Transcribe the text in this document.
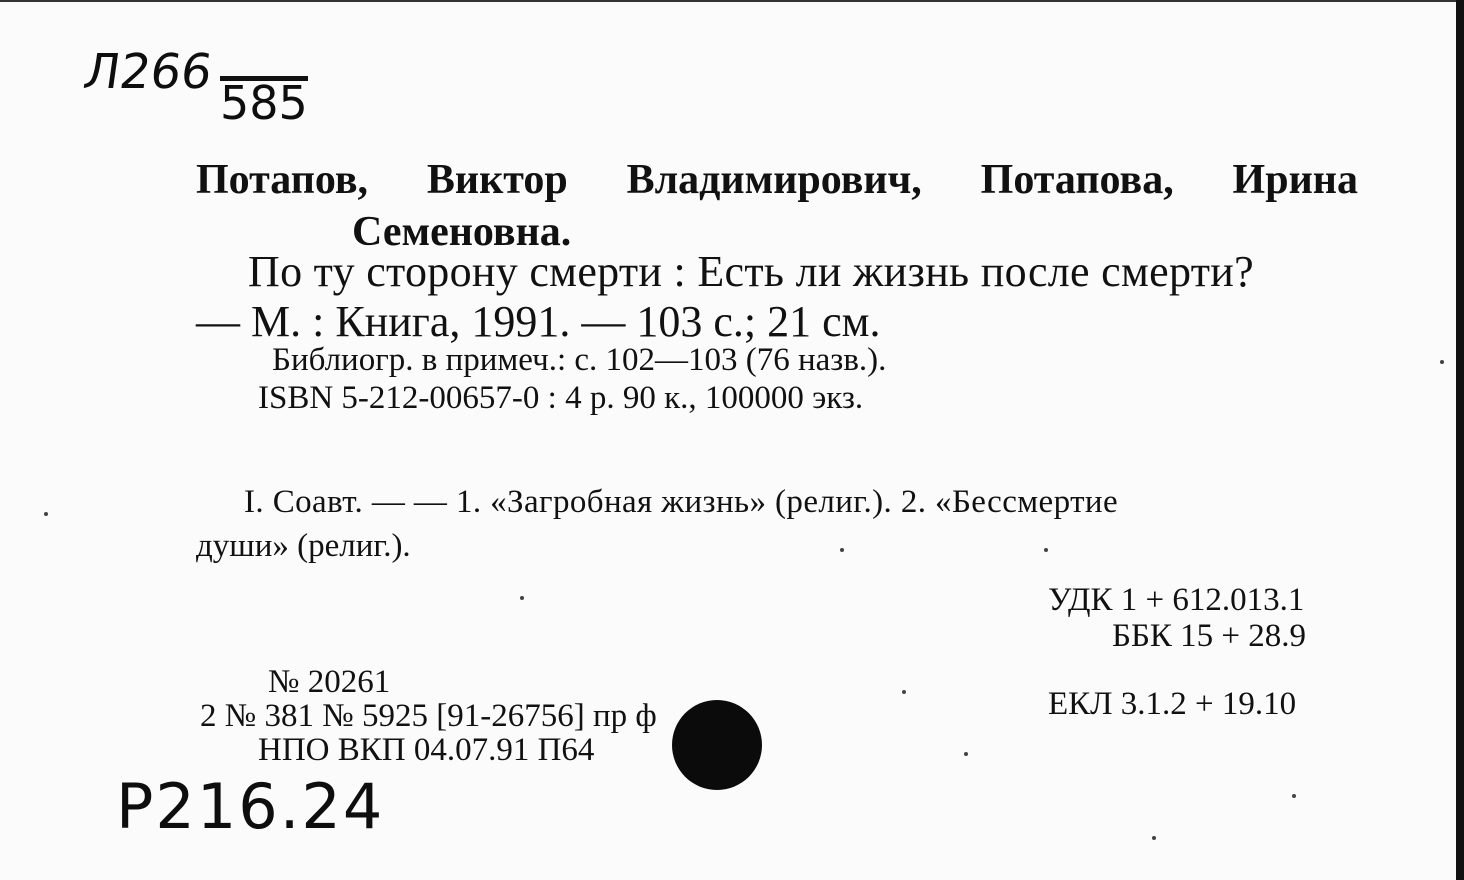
Л266
585
Р216.24
Потапов, Виктор Владимирович, Потапова, Ирина
Семеновна.
По ту сторону смерти : Есть ли жизнь после смерти?
— М. : Книга, 1991. — 103 с.; 21 см.
Библиогр. в примеч.: с. 102—103 (76 назв.).
ISBN 5-212-00657-0 : 4 р. 90 к., 100000 экз.
I. Соавт. — — 1. «Загробная жизнь» (религ.). 2. «Бессмертие
души» (религ.).
УДК 1 + 612.013.1
ББК 15 + 28.9
ЕКЛ 3.1.2 + 19.10
№ 20261
2 № 381 № 5925 [91-26756] пр ф
НПО ВКП 04.07.91 П64
